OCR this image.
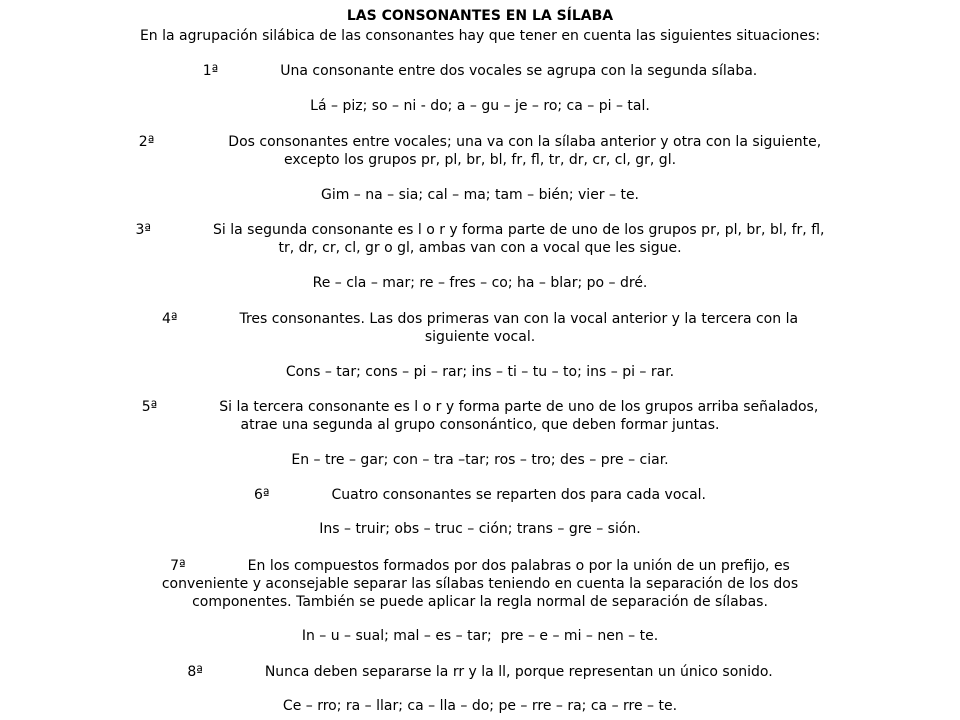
LAS CONSONANTES EN LA SÍLABA
En la agrupación silábica de las consonantes hay que tener en cuenta las siguientes situaciones:
1ª	Una consonante entre dos vocales se agrupa con la segunda sílaba.
Lá – piz; so – ni - do; a – gu – je – ro; ca – pi – tal.
2ª	Dos consonantes entre vocales; una va con la sílaba anterior y otra con la siguiente,
excepto los grupos pr, pl, br, bl, fr, fl, tr, dr, cr, cl, gr, gl.
Gim – na – sia; cal – ma; tam – bién; vier – te.
3ª	Si la segunda consonante es l o r y forma parte de uno de los grupos pr, pl, br, bl, fr, fl,
tr, dr, cr, cl, gr o gl, ambas van con a vocal que les sigue.
Re – cla – mar; re – fres – co; ha – blar; po – dré.
4ª	Tres consonantes. Las dos primeras van con la vocal anterior y la tercera con la
siguiente vocal.
Cons – tar; cons – pi – rar; ins – ti – tu – to; ins – pi – rar.
5ª	Si la tercera consonante es l o r y forma parte de uno de los grupos arriba señalados,
atrae una segunda al grupo consonántico, que deben formar juntas.
En – tre – gar; con – tra –tar; ros – tro; des – pre – ciar.
6ª	Cuatro consonantes se reparten dos para cada vocal.
Ins – truir; obs – truc – ción; trans – gre – sión.
7ª	En los compuestos formados por dos palabras o por la unión de un prefijo, es
conveniente y aconsejable separar las sílabas teniendo en cuenta la separación de los dos
componentes. También se puede aplicar la regla normal de separación de sílabas.
In – u – sual; mal – es – tar;  pre – e – mi – nen – te.
8ª	Nunca deben separarse la rr y la ll, porque representan un único sonido.
Ce – rro; ra – llar; ca – lla – do; pe – rre – ra; ca – rre – te.
